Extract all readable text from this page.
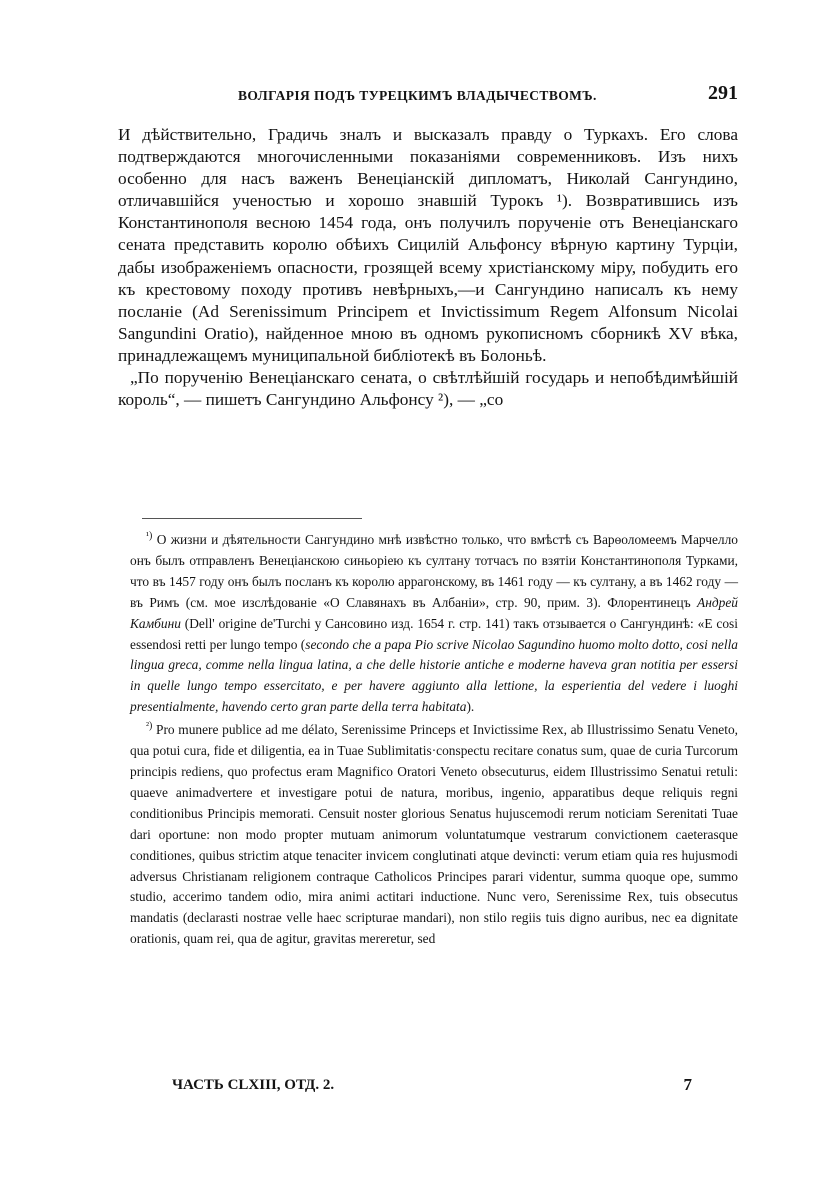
ВОЛГАРІЯ ПОДЪ ТУРЕЦКИМЪ ВЛАДЫЧЕСТВОМЪ.	291

И дѣйствительно, Градичь зналъ и высказалъ правду о Туркахъ. Его слова подтверждаются многочисленными показаніями современниковъ. Изъ нихъ особенно для насъ важенъ Венеціанскій дипломатъ, Николай Сангундино, отличавшійся ученостью и хорошо знавшій Турокъ ¹). Возвратившись изъ Константинополя весною 1454 года, онъ получилъ порученіе отъ Венеціанскаго сената представить королю обѣихъ Сицилій Альфонсу вѣрную картину Турціи, дабы изображеніемъ опасности, грозящей всему христіанскому міру, побудить его къ крестовому походу противъ невѣрныхъ,—и Сангундино написалъ къ нему посланіе (Ad Serenissimum Principem et Invictissimum Regem Alfonsum Nicolai Sangundini Oratio), найденное мною въ одномъ рукописномъ сборникѣ XV вѣка, принадлежащемъ муниципальной библіотекѣ въ Болоньѣ.

„По порученію Венеціанскаго сената, о свѣтлѣйшій государь и непобѣдимѣйшій король“, — пишетъ Сангундино Альфонсу ²), — „со

$^{^1)}$ О жизни и дѣятельности Сангундино мнѣ извѣстно только, что вмѣстѣ съ Варѳоломеемъ Марчелло онъ былъ отправленъ Венеціанскою синьоріею къ султану тотчасъ по взятіи Константинополя Турками, что въ 1457 году онъ былъ посланъ къ королю аррагонскому, въ 1461 году — къ султану, а въ 1462 году — въ Римъ (см. мое изслѣдованіе «О Славянахъ въ Албаніи», стр. 90, прим. 3). Флорентинецъ Андрей Камбини (Dell' origine de'Turchi y Сансовино изд. 1654 г. стр. 141) такъ отзывается о Сангундинѣ: «E cosi essendosi retti per lungo tempo (secondo che a papa Pio scrive Nicolao Sagundino huomo molto dotto, cosi nella lingua greca, comme nella lingua latina, a che delle historie antiche e moderne haveva gran notitia per essersi in quelle lungo tempo essercitato, e per havere aggiunto alla lettione, la esperientia del vedere i luoghi presentialmente, havendo certo gran parte della terra habitata).

$^{^2)}$ Pro munere publice ad me délato, Serenissime Princeps et Invictissime Rex, ab Illustrissimo Senatu Veneto, qua potui cura, fide et diligentia, ea in Tuae Sublimitatis·conspectu recitare conatus sum, quae de curia Turcorum principis rediens, quo profectus eram Magnifico Oratori Veneto obsecuturus, eidem Illustrissimo Senatui retuli: quaeve animadvertere et investigare potui de natura, moribus, ingenio, apparatibus deque reliquis regni conditionibus Principis memorati. Censuit noster glorious Senatus hujuscemodi rerum noticiam Serenitati Tuae dari oportune: non modo propter mutuam animorum voluntatumque vestrarum convictionem caeterasque conditiones, quibus strictim atque tenaciter invicem conglutinati atque devincti: verum etiam quia res hujusmodi adversus Christianam religionem contraque Catholicos Principes parari videntur, summa quoque ope, summo studio, accerimo tandem odio, mira animi actitari inductione. Nunc vero, Serenissime Rex, tuis obsecutus mandatis (declarasti nostrae velle haec scripturae mandari), non stilo regiis tuis digno auribus, nec ea dignitate orationis, quam rei, qua de agitur, gravitas mereretur, sed

ЧАСТЬ CLXIII, ОТД. 2.	7
